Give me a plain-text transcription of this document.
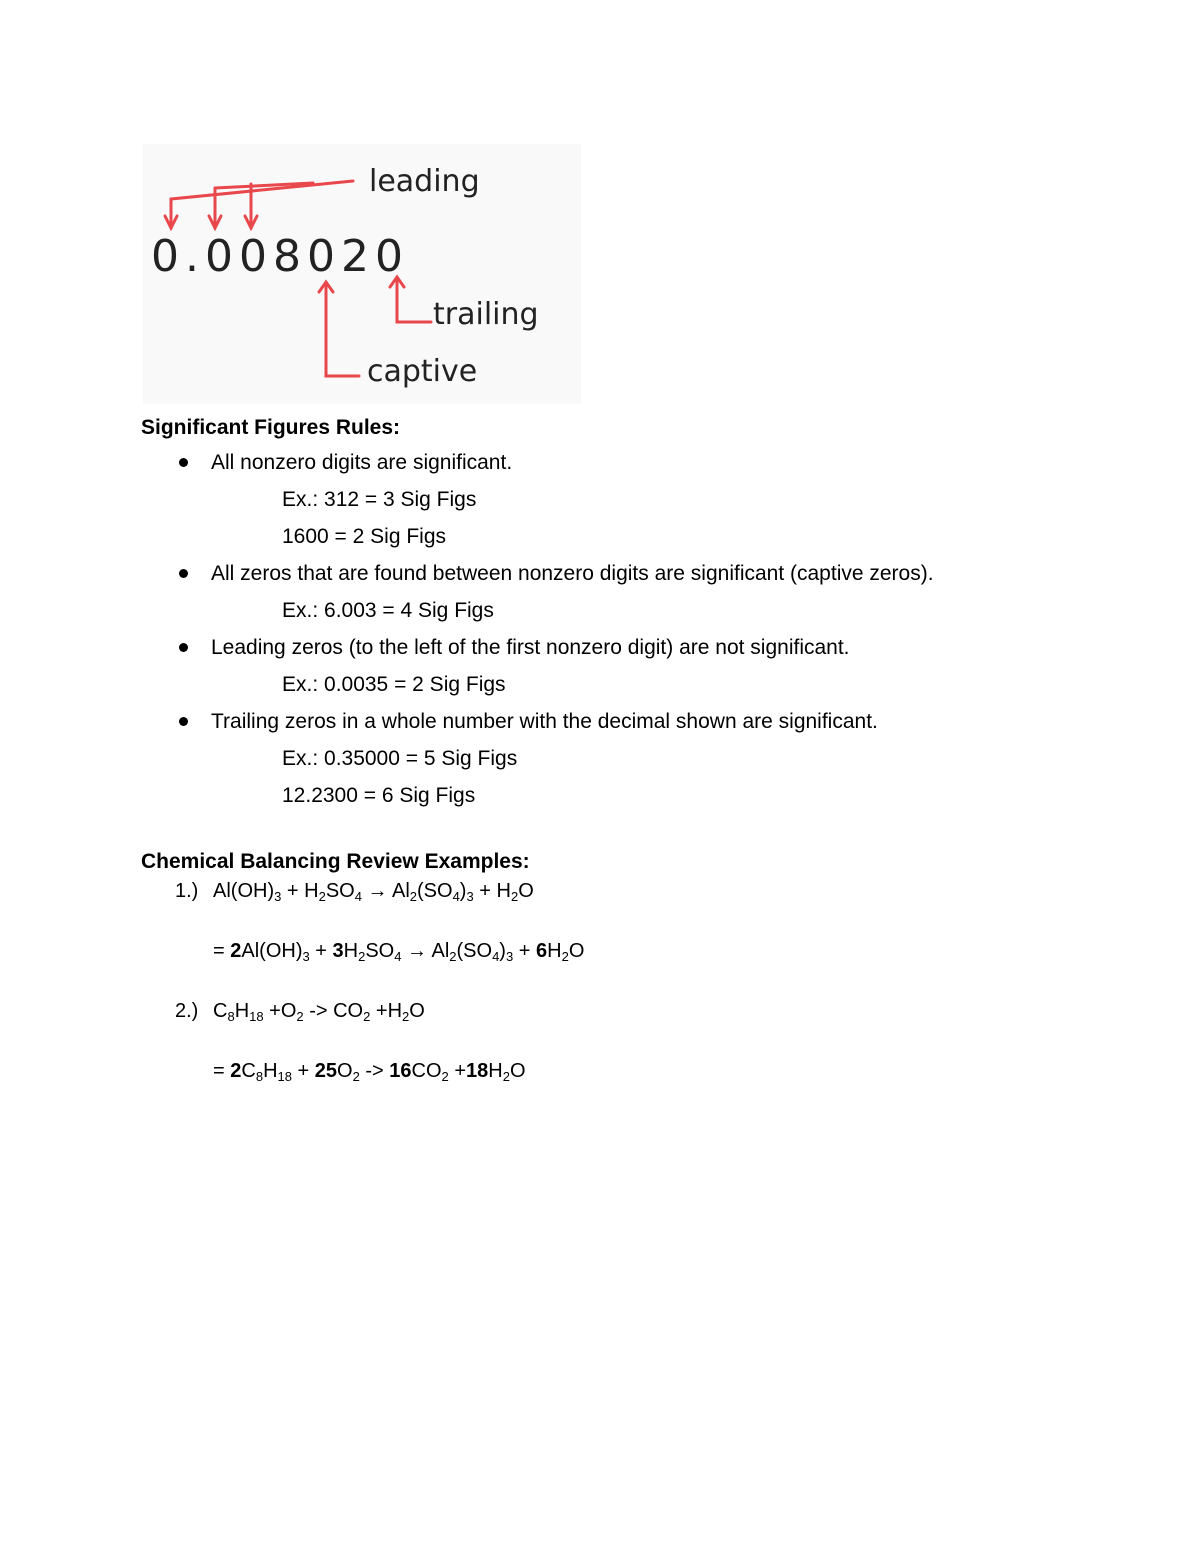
0.008020
leading
trailing
captive
Significant Figures Rules:
All nonzero digits are significant.
Ex.: 312 = 3 Sig Figs
1600 = 2 Sig Figs
All zeros that are found between nonzero digits are significant (captive zeros).
Ex.: 6.003 = 4 Sig Figs
Leading zeros (to the left of the first nonzero digit) are not significant.
Ex.: 0.0035 = 2 Sig Figs
Trailing zeros in a whole number with the decimal shown are significant.
Ex.: 0.35000 = 5 Sig Figs
12.2300 = 6 Sig Figs
Chemical Balancing Review Examples:
1.) $Al(OH)_3 + H_2SO_4 \to Al_2(SO_4)_3 + H_2O$
= $2Al(OH)_3 + 3H_2SO_4 \to Al_2(SO_4)_3 + 6H_2O$
2.) $C_8H_{18} +O_2 -> CO_2 +H_2O$
= $2C_8H_{18} + 25O_2 -> 16CO_2 +18H_2O$
